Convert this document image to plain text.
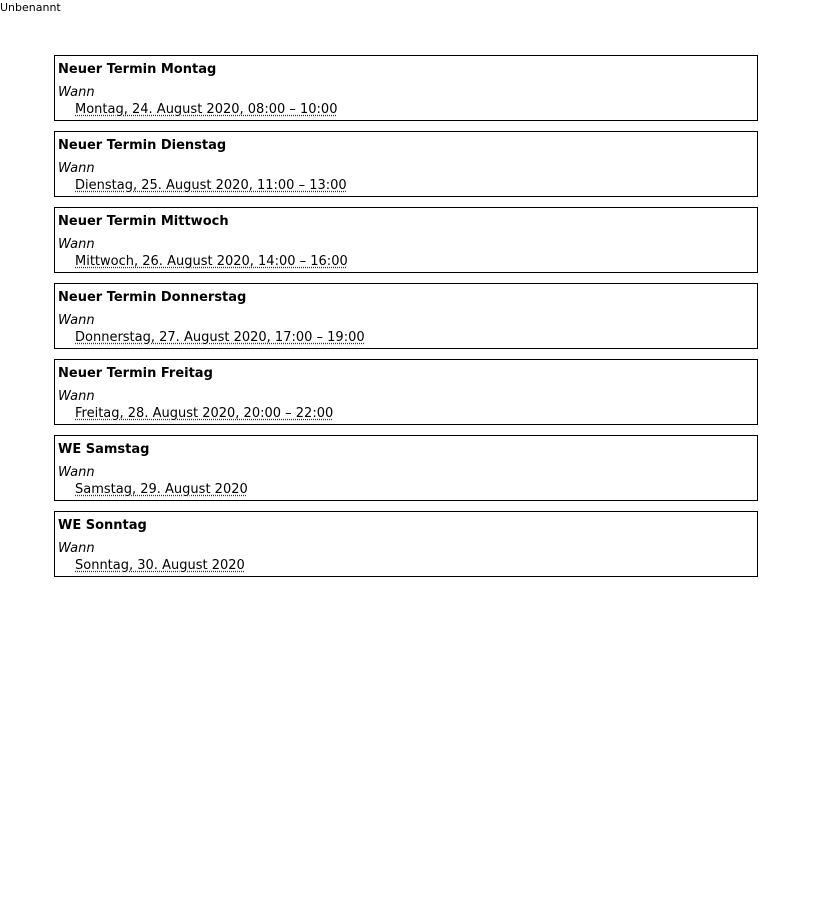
Unbenannt
Neuer Termin Montag
Wann
Montag, 24. August 2020, 08:00 – 10:00
Neuer Termin Dienstag
Wann
Dienstag, 25. August 2020, 11:00 – 13:00
Neuer Termin Mittwoch
Wann
Mittwoch, 26. August 2020, 14:00 – 16:00
Neuer Termin Donnerstag
Wann
Donnerstag, 27. August 2020, 17:00 – 19:00
Neuer Termin Freitag
Wann
Freitag, 28. August 2020, 20:00 – 22:00
WE Samstag
Wann
Samstag, 29. August 2020
WE Sonntag
Wann
Sonntag, 30. August 2020
